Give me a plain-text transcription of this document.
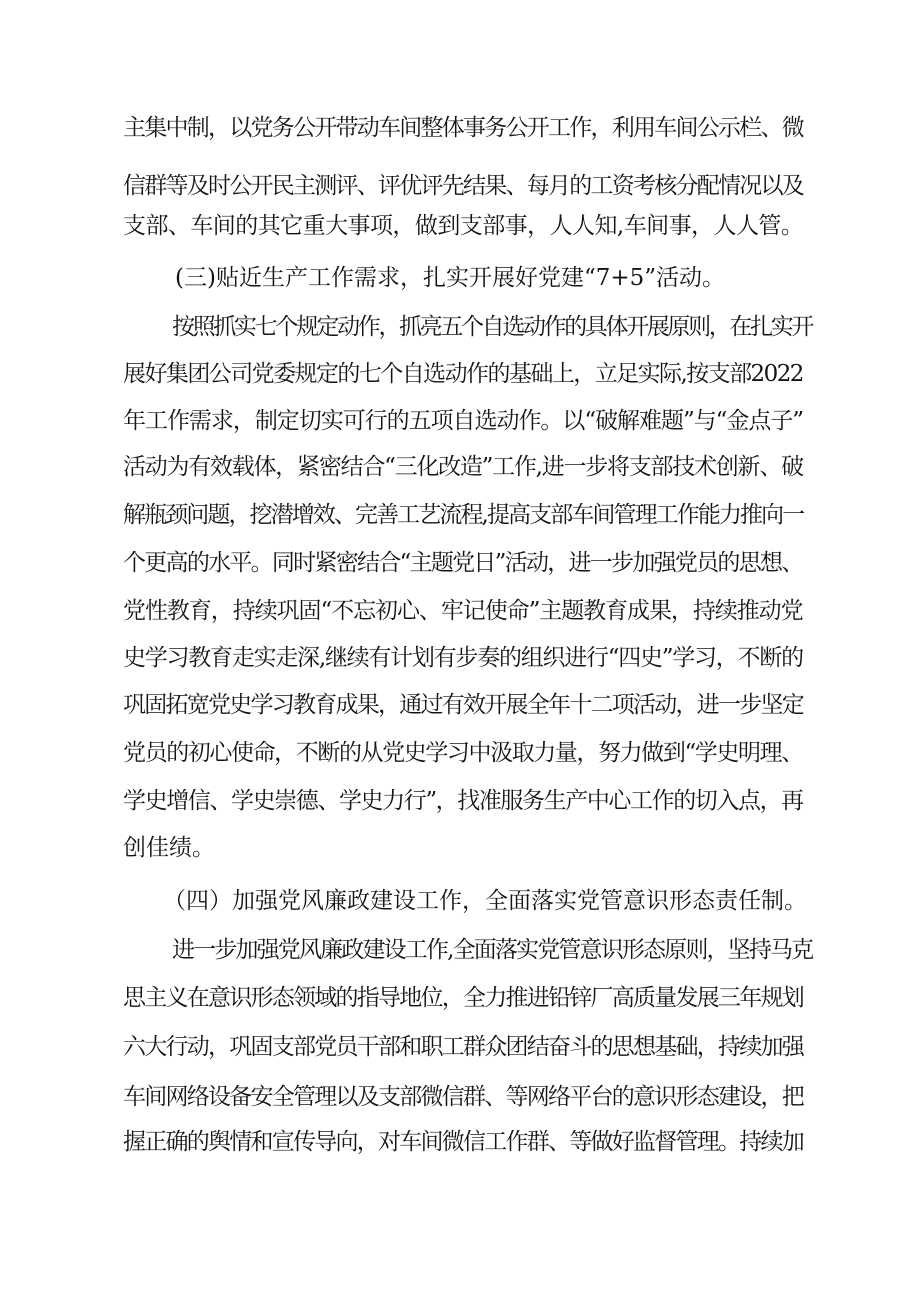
主集中制，以党务公开带动车间整体事务公开工作，利用车间公示栏、微
信群等及时公开民主测评、评优评先结果、每月的工资考核分配情况以及
支部、车间的其它重大事项，做到支部事，人人知,车间事，人人管。
(三)贴近生产工作需求，扎实开展好党建“7+5”活动。
按照抓实七个规定动作，抓亮五个自选动作的具体开展原则，在扎实开
展好集团公司党委规定的七个自选动作的基础上，立足实际,按支部2022
年工作需求，制定切实可行的五项自选动作。以“破解难题”与“金点子”
活动为有效载体，紧密结合“三化改造”工作,进一步将支部技术创新、破
解瓶颈问题，挖潜增效、完善工艺流程,提高支部车间管理工作能力推向一
个更高的水平。同时紧密结合“主题党日”活动，进一步加强党员的思想、
党性教育，持续巩固“不忘初心、牢记使命”主题教育成果，持续推动党
史学习教育走实走深,继续有计划有步奏的组织进行“四史”学习，不断的
巩固拓宽党史学习教育成果，通过有效开展全年十二项活动，进一步坚定
党员的初心使命，不断的从党史学习中汲取力量，努力做到“学史明理、
学史增信、学史崇德、学史力行”，找准服务生产中心工作的切入点，再
创佳绩。
（四）加强党风廉政建设工作，全面落实党管意识形态责任制。
进一步加强党风廉政建设工作,全面落实党管意识形态原则，坚持马克
思主义在意识形态领域的指导地位，全力推进铅锌厂高质量发展三年规划
六大行动，巩固支部党员干部和职工群众团结奋斗的思想基础，持续加强
车间网络设备安全管理以及支部微信群、等网络平台的意识形态建设，把
握正确的舆情和宣传导向，对车间微信工作群、等做好监督管理。持续加
